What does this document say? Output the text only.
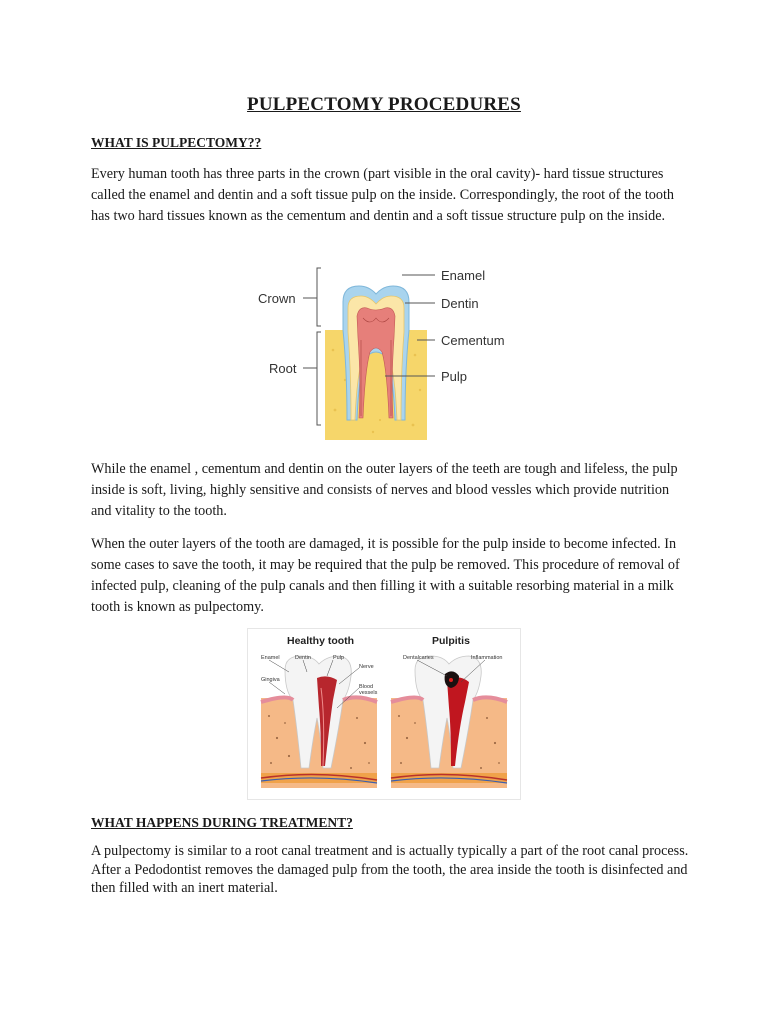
PULPECTOMY PROCEDURES
WHAT IS PULPECTOMY??

Every human tooth has three parts in the crown (part visible in the oral cavity)- hard tissue structures called the enamel and dentin and a soft tissue pulp on the inside. Correspondingly, the root of the tooth has two hard tissues known as the cementum and dentin and a soft tissue structure pulp on the inside.

Crown
Root
Enamel
Dentin
Cementum
Pulp

While the enamel , cementum and dentin on the outer layers of the teeth are tough and lifeless, the pulp inside is soft, living, highly sensitive and consists of nerves and blood vessles which provide nutrition and vitality to the tooth.

When the outer layers of the tooth are damaged, it is possible for the pulp inside to become infected. In some cases to save the tooth, it may be required that the pulp be removed. This procedure of removal of infected pulp, cleaning of the pulp canals and then filling it with a suitable resorbing material in a milk tooth is known as pulpectomy.

Healthy tooth	Pulpitis
Enamel	Dentin	Pulp
Nerve
Gingiva
Blood
vessels
Dentalcaries	Inflammation
WHAT HAPPENS DURING TREATMENT?

A pulpectomy is similar to a root canal treatment and is actually typically a part of the root canal process. After a Pedodontist removes the damaged pulp from the tooth, the area inside the tooth is disinfected and then filled with an inert material.
